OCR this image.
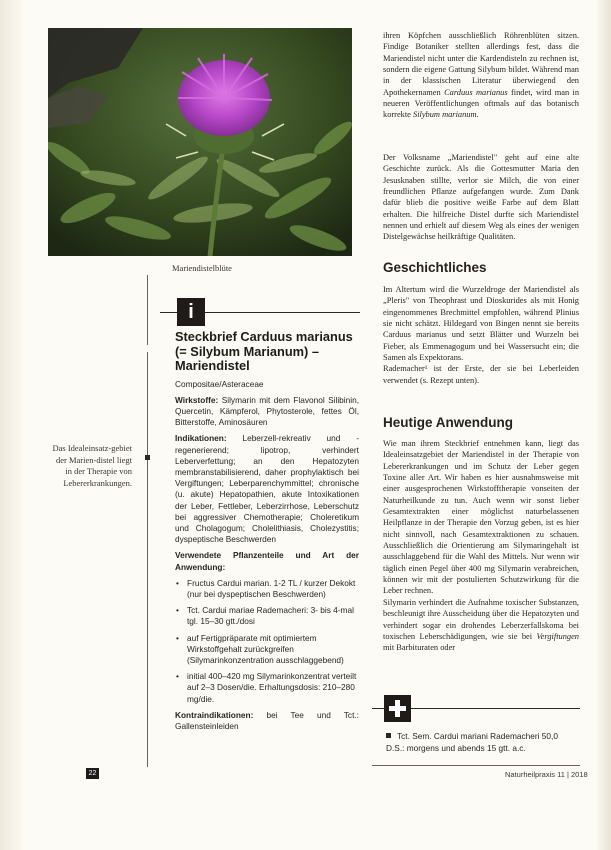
Mariendistelblüte
Das Idealeinsatz-gebiet der Marien-distel liegt in der Therapie von Lebererkrankungen.
i
Steckbrief Carduus marianus (= Silybum Marianum) – Mariendistel

Compositae/Asteraceae

Wirkstoffe: Silymarin mit dem Flavonol Silibinin, Quercetin, Kämpferol, Phytosterole, fettes Öl, Bitterstoffe, Aminosäuren

Indikationen: Leberzell-rekreativ und -regenerierend; lipotrop, verhindert Leberverfettung; an den Hepatozyten membranstabilisierend, daher prophylaktisch bei Vergiftungen; Leberparenchymmittel; chronische (u. akute) Hepatopathien, akute Intoxikationen der Leber, Fettleber, Leberzirrhose, Leberschutz bei aggressiver Chemotherapie; Choleretikum und Cholagogum; Cholelithiasis, Cholezystitis; dyspeptische Beschwerden

Verwendete Pflanzenteile und Art der Anwendung:

• Fructus Cardui marian. 1-2 TL / kurzer Dekokt (nur bei dyspeptischen Beschwerden)
• Tct. Cardui mariae Rademacheri: 3- bis 4-mal tgl. 15–30 gtt./dosi
• auf Fertigpräparate mit optimiertem Wirkstoffgehalt zurückgreifen (Silymarinkonzentration ausschlaggebend)
• initial 400–420 mg Silymarinkonzentrat verteilt auf 2–3 Dosen/die. Erhaltungsdosis: 210–280 mg/die.

Kontraindikationen: bei Tee und Tct.: Gallensteinleiden

22

ihren Köpfchen ausschließlich Röhrenblüten sitzen. Findige Botaniker stellten allerdings fest, dass die Mariendistel nicht unter die Kardendisteln zu rechnen ist, sondern die eigene Gattung Silybum bildet. Während man in der klassischen Literatur überwiegend den Apothekernamen Carduus marianus findet, wird man in neueren Veröffentlichungen oftmals auf das botanisch korrekte Silybum marianum.

Der Volksname „Mariendistel" geht auf eine alte Geschichte zurück. Als die Gottesmutter Maria den Jesusknaben stillte, verlor sie Milch, die von einer freundlichen Pflanze aufgefangen wurde. Zum Dank dafür blieb die positive weiße Farbe auf dem Blatt erhalten. Die hilfreiche Distel durfte sich Mariendistel nennen und erhielt auf diesem Weg als eines der wenigen Distelgewächse heilkräftige Qualitäten.

Geschichtliches

Im Altertum wird die Wurzeldroge der Mariendistel als „Pleris" von Theophrast und Dioskurides als mit Honig eingenommenes Brechmittel empfohlen, während Plinius sie nicht schätzt. Hildegard von Bingen nennt sie bereits Carduus marianus und setzt Blätter und Wurzeln bei Fieber, als Emmenagogum und bei Wassersucht ein; die Samen als Expektorans.

Rademacher¹ ist der Erste, der sie bei Leberleiden verwendet (s. Rezept unten).

Heutige Anwendung

Wie man ihrem Steckbrief entnehmen kann, liegt das Idealeinsatzgebiet der Mariendistel in der Therapie von Lebererkrankungen und im Schutz der Leber gegen Toxine aller Art. Wir haben es hier ausnahmsweise mit einer ausgesprochenen Wirkstofftherapie vonseiten der Naturheilkunde zu tun. Auch wenn wir sonst lieber Gesamtextrakten einer möglichst naturbelassenen Heilpflanze in der Therapie den Vorzug geben, ist es hier nicht sinnvoll, nach Gesamtextraktionen zu schauen. Ausschließlich die Orientierung am Silymaringehalt ist ausschlaggebend für die Wahl des Mittels. Nur wenn wir täglich einen Pegel über 400 mg Silymarin verabreichen, können wir mit der postulierten Schutzwirkung für die Leber rechnen.

Silymarin verhindert die Aufnahme toxischer Substanzen, beschleunigt ihre Ausscheidung über die Hepatozyten und verhindert sogar ein drohendes Leberzerfallskoma bei toxischen Leberschädigungen, wie sie bei Vergiftungen mit Barbituraten oder

Tct. Sem. Cardui mariani Rademacheri 50,0
D.S.: morgens und abends 15 gtt. a.c.
Naturheilpraxis 11 | 2018
